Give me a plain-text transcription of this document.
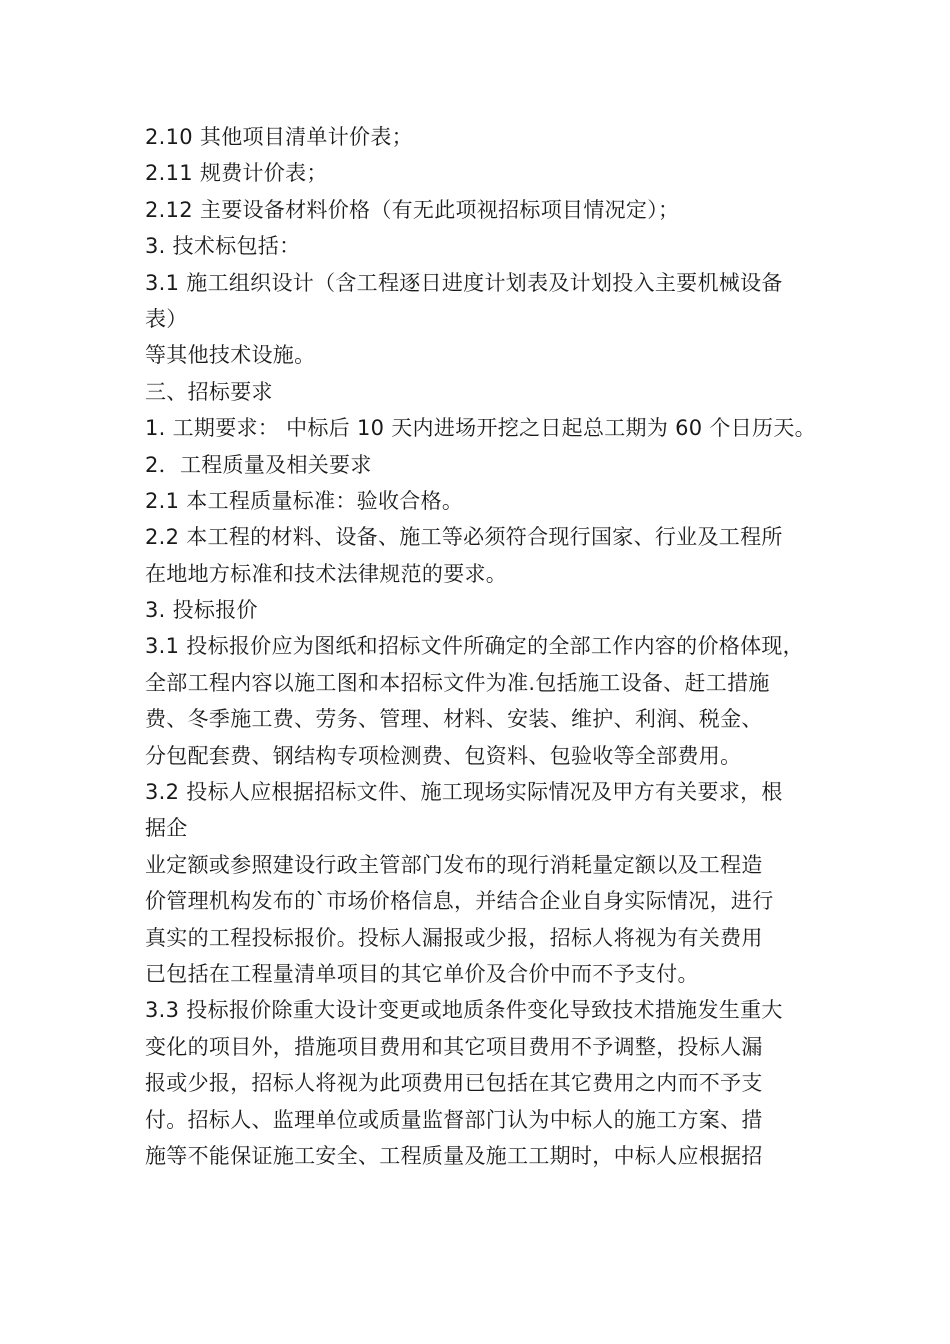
2.10 其他项目清单计价表；
2.11 规费计价表；
2.12 主要设备材料价格（有无此项视招标项目情况定）；
3. 技术标包括：
3.1 施工组织设计（含工程逐日进度计划表及计划投入主要机械设备
表）
等其他技术设施。
三、招标要求
1. 工期要求： 中标后 10 天内进场开挖之日起总工期为 60 个日历天。
2．工程质量及相关要求
2.1 本工程质量标准：验收合格。
2.2 本工程的材料、设备、施工等必须符合现行国家、行业及工程所
在地地方标准和技术法律规范的要求。
3. 投标报价
3.1 投标报价应为图纸和招标文件所确定的全部工作内容的价格体现，
全部工程内容以施工图和本招标文件为准.包括施工设备、赶工措施
费、冬季施工费、劳务、管理、材料、安装、维护、利润、税金、
分包配套费、钢结构专项检测费、包资料、包验收等全部费用。
3.2 投标人应根据招标文件、施工现场实际情况及甲方有关要求，根
据企
业定额或参照建设行政主管部门发布的现行消耗量定额以及工程造
价管理机构发布的`市场价格信息，并结合企业自身实际情况，进行
真实的工程投标报价。投标人漏报或少报，招标人将视为有关费用
已包括在工程量清单项目的其它单价及合价中而不予支付。
3.3 投标报价除重大设计变更或地质条件变化导致技术措施发生重大
变化的项目外，措施项目费用和其它项目费用不予调整，投标人漏
报或少报，招标人将视为此项费用已包括在其它费用之内而不予支
付。招标人、监理单位或质量监督部门认为中标人的施工方案、措
施等不能保证施工安全、工程质量及施工工期时，中标人应根据招
